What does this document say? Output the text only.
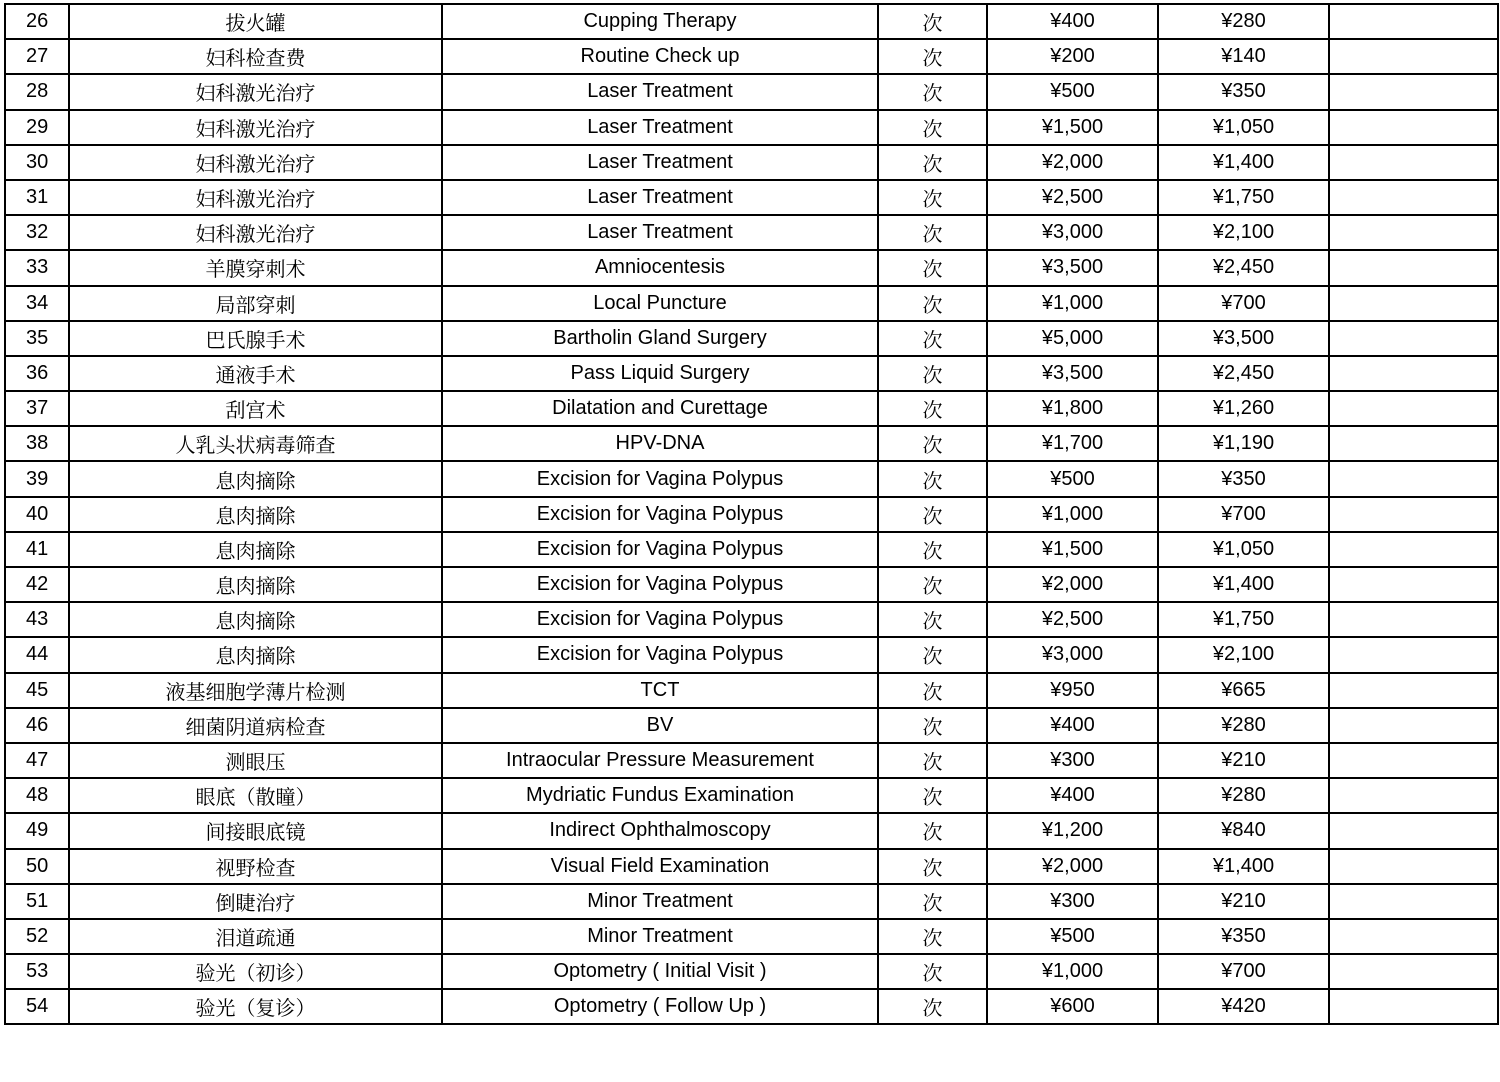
26	拔火罐	Cupping Therapy	次	¥400	¥280	
27	妇科检查费	Routine Check up	次	¥200	¥140	
28	妇科激光治疗	Laser Treatment	次	¥500	¥350	
29	妇科激光治疗	Laser Treatment	次	¥1,500	¥1,050	
30	妇科激光治疗	Laser Treatment	次	¥2,000	¥1,400	
31	妇科激光治疗	Laser Treatment	次	¥2,500	¥1,750	
32	妇科激光治疗	Laser Treatment	次	¥3,000	¥2,100	
33	羊膜穿刺术	Amniocentesis	次	¥3,500	¥2,450	
34	局部穿刺	Local Puncture	次	¥1,000	¥700	
35	巴氏腺手术	Bartholin Gland Surgery	次	¥5,000	¥3,500	
36	通液手术	Pass Liquid Surgery	次	¥3,500	¥2,450	
37	刮宫术	Dilatation and Curettage	次	¥1,800	¥1,260	
38	人乳头状病毒筛查	HPV-DNA	次	¥1,700	¥1,190	
39	息肉摘除	Excision for Vagina Polypus	次	¥500	¥350	
40	息肉摘除	Excision for Vagina Polypus	次	¥1,000	¥700	
41	息肉摘除	Excision for Vagina Polypus	次	¥1,500	¥1,050	
42	息肉摘除	Excision for Vagina Polypus	次	¥2,000	¥1,400	
43	息肉摘除	Excision for Vagina Polypus	次	¥2,500	¥1,750	
44	息肉摘除	Excision for Vagina Polypus	次	¥3,000	¥2,100	
45	液基细胞学薄片检测	TCT	次	¥950	¥665	
46	细菌阴道病检查	BV	次	¥400	¥280	
47	测眼压	Intraocular Pressure Measurement	次	¥300	¥210	
48	眼底（散瞳）	Mydriatic Fundus Examination	次	¥400	¥280	
49	间接眼底镜	Indirect Ophthalmoscopy	次	¥1,200	¥840	
50	视野检查	Visual Field Examination	次	¥2,000	¥1,400	
51	倒睫治疗	Minor Treatment	次	¥300	¥210	
52	泪道疏通	Minor Treatment	次	¥500	¥350	
53	验光（初诊）	Optometry ( Initial Visit )	次	¥1,000	¥700	
54	验光（复诊）	Optometry ( Follow Up )	次	¥600	¥420	
